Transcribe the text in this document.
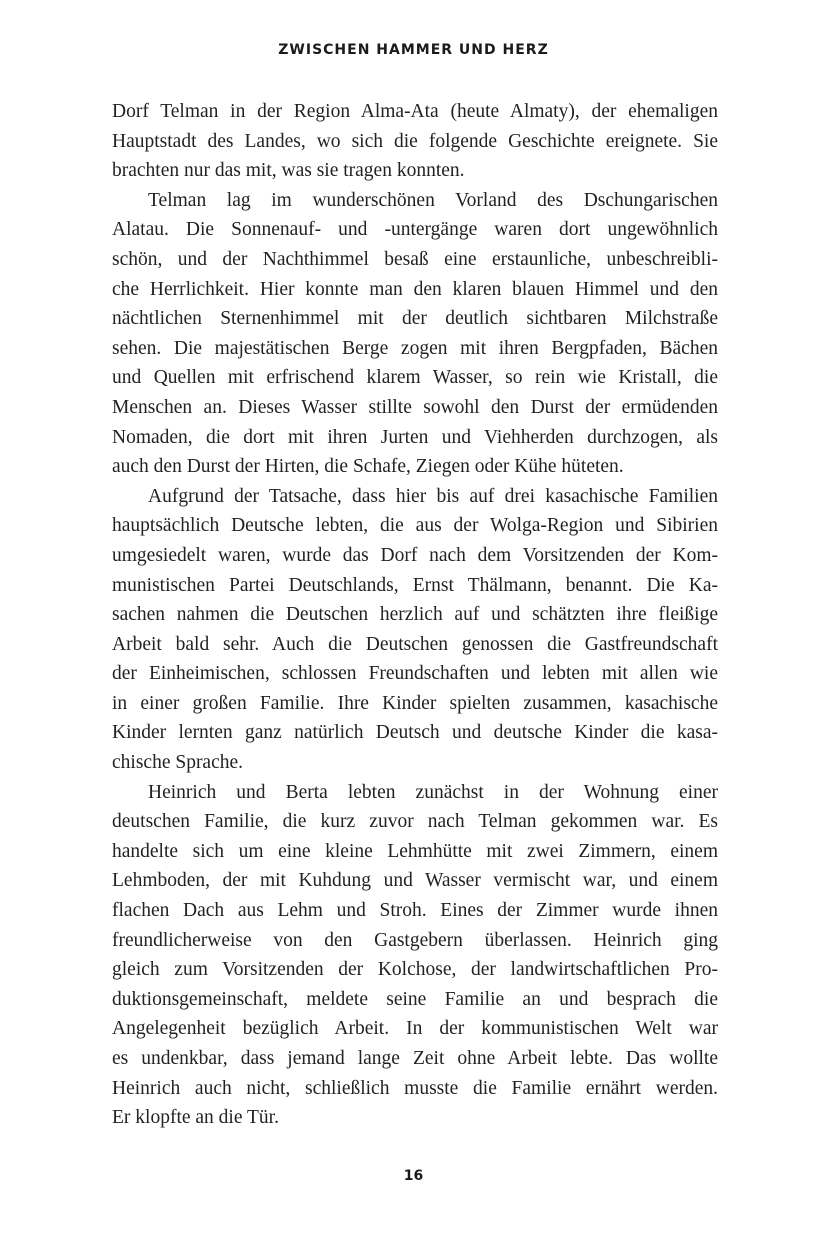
ZWISCHEN HAMMER UND HERZ
Dorf Telman in der Region Alma-Ata (heute Almaty), der ehemaligen
Hauptstadt des Landes, wo sich die folgende Geschichte ereignete. Sie
brachten nur das mit, was sie tragen konnten.
Telman lag im wunderschönen Vorland des Dschungarischen
Alatau. Die Sonnenauf- und -untergänge waren dort ungewöhnlich
schön, und der Nachthimmel besaß eine erstaunliche, unbeschreibli-
che Herrlichkeit. Hier konnte man den klaren blauen Himmel und den
nächtlichen Sternenhimmel mit der deutlich sichtbaren Milchstraße
sehen. Die majestätischen Berge zogen mit ihren Bergpfaden, Bächen
und Quellen mit erfrischend klarem Wasser, so rein wie Kristall, die
Menschen an. Dieses Wasser stillte sowohl den Durst der ermüdenden
Nomaden, die dort mit ihren Jurten und Viehherden durchzogen, als
auch den Durst der Hirten, die Schafe, Ziegen oder Kühe hüteten.
Aufgrund der Tatsache, dass hier bis auf drei kasachische Familien
hauptsächlich Deutsche lebten, die aus der Wolga-Region und Sibirien
umgesiedelt waren, wurde das Dorf nach dem Vorsitzenden der Kom-
munistischen Partei Deutschlands, Ernst Thälmann, benannt. Die Ka-
sachen nahmen die Deutschen herzlich auf und schätzten ihre fleißige
Arbeit bald sehr. Auch die Deutschen genossen die Gastfreundschaft
der Einheimischen, schlossen Freundschaften und lebten mit allen wie
in einer großen Familie. Ihre Kinder spielten zusammen, kasachische
Kinder lernten ganz natürlich Deutsch und deutsche Kinder die kasa-
chische Sprache.
Heinrich und Berta lebten zunächst in der Wohnung einer
deutschen Familie, die kurz zuvor nach Telman gekommen war. Es
handelte sich um eine kleine Lehmhütte mit zwei Zimmern, einem
Lehmboden, der mit Kuhdung und Wasser vermischt war, und einem
flachen Dach aus Lehm und Stroh. Eines der Zimmer wurde ihnen
freundlicherweise von den Gastgebern überlassen. Heinrich ging
gleich zum Vorsitzenden der Kolchose, der landwirtschaftlichen Pro-
duktionsgemeinschaft, meldete seine Familie an und besprach die
Angelegenheit bezüglich Arbeit. In der kommunistischen Welt war
es undenkbar, dass jemand lange Zeit ohne Arbeit lebte. Das wollte
Heinrich auch nicht, schließlich musste die Familie ernährt werden.
Er klopfte an die Tür.
16
